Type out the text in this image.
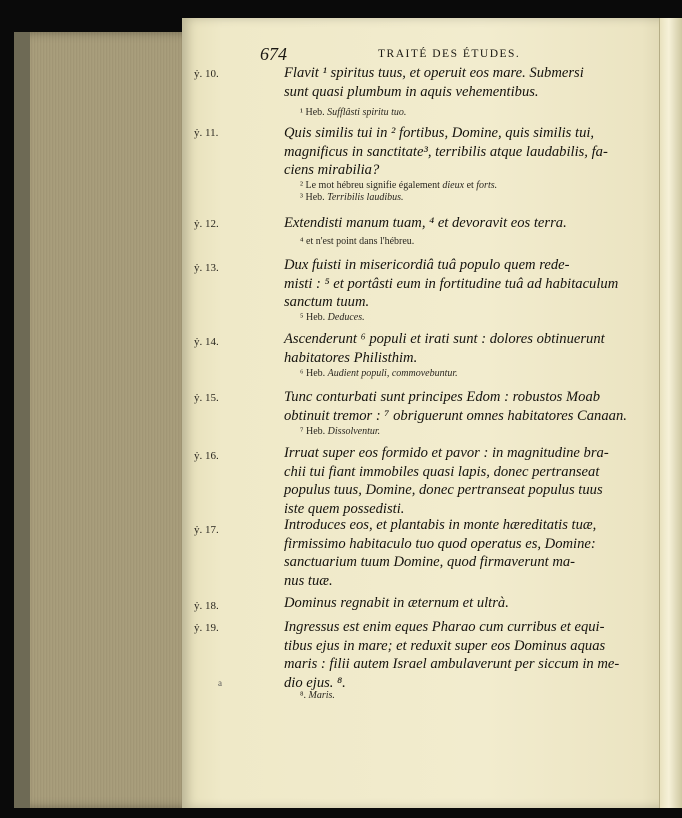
674	TRAITÉ DES ÉTUDES.
ẏ. 10.	Flavit ¹ spiritus tuus, et operuit eos mare. Submersi
sunt quasi plumbum in aquis vehementibus.
¹ Heb. Sufflâsti spiritu tuo.
ẏ. 11.	Quis similis tui in ² fortibus, Domine, quis similis tui,
magnificus in sanctitate³, terribilis atque laudabilis, fa-
ciens mirabilia?
² Le mot hébreu signifie également dieux et forts.
³ Heb. Terribilis laudibus.
ẏ. 12.	Extendisti manum tuam, ⁴ et devoravit eos terra.
⁴ et n'est point dans l'hébreu.
ẏ. 13.	Dux fuisti in misericordiâ tuâ populo quem rede-
misti : ⁵ et portâsti eum in fortitudine tuâ ad habitaculum
sanctum tuum.
⁵ Heb. Deduces.
ẏ. 14.	Ascenderunt ⁶ populi et irati sunt : dolores obtinuerunt
habitatores Philisthim.
⁶ Heb. Audient populi, commovebuntur.
ẏ. 15.	Tunc conturbati sunt principes Edom : robustos Moab
obtinuit tremor : ⁷ obriguerunt omnes habitatores Canaan.
⁷ Heb. Dissolventur.
ẏ. 16.	Irruat super eos formido et pavor : in magnitudine bra-
chii tui fiant immobiles quasi lapis, donec pertranseat
populus tuus, Domine, donec pertranseat populus tuus
iste quem possedisti.
ẏ. 17.	Introduces eos, et plantabis in monte hæreditatis tuæ,
firmissimo habitaculo tuo quod operatus es, Domine:
sanctuarium tuum Domine, quod firmaverunt ma-
nus tuæ.
ẏ. 18.	Dominus regnabit in æternum et ultrà.
ẏ. 19.	Ingressus est enim eques Pharao cum curribus et equi-
tibus ejus in mare; et reduxit super eos Dominus aquas
maris : filii autem Israel ambulaverunt per siccum in me-
dio ejus. ⁸.
⁸. Maris.
a
